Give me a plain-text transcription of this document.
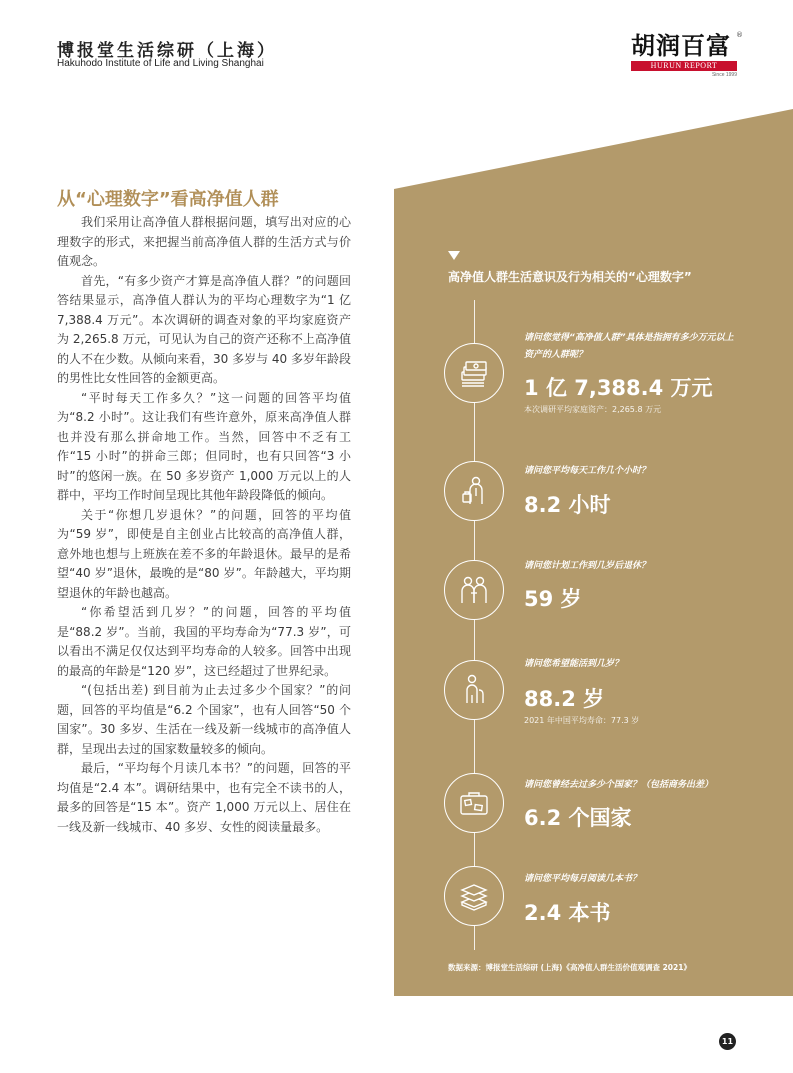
博报堂生活综研（上海）
Hakuhodo Institute of Life and Living Shanghai
胡润百富 ®
HURUN REPORT
Since 1999
从“心理数字”看高净值人群

我们采用让高净值人群根据问题，填写出对应的心理数字的形式，来把握当前高净值人群的生活方式与价值观念。

首先，“有多少资产才算是高净值人群？”的问题回答结果显示，高净值人群认为的平均心理数字为“1 亿 7,388.4 万元”。本次调研的调查对象的平均家庭资产为 2,265.8 万元，可见认为自己的资产还称不上高净值的人不在少数。从倾向来看，30 多岁与 40 多岁年龄段的男性比女性回答的金额更高。

“平时每天工作多久？”这一问题的回答平均值为“8.2 小时”。这让我们有些许意外，原来高净值人群也并没有那么拼命地工作。当然，回答中不乏有工作“15 小时”的拼命三郎；但同时，也有只回答“3 小时”的悠闲一族。在 50 多岁资产 1,000 万元以上的人群中，平均工作时间呈现比其他年龄段降低的倾向。

关于“你想几岁退休？”的问题，回答的平均值为“59 岁”，即使是自主创业占比较高的高净值人群，意外地也想与上班族在差不多的年龄退休。最早的是希望“40 岁”退休，最晚的是“80 岁”。年龄越大，平均期望退休的年龄也越高。

“你希望活到几岁？”的问题，回答的平均值是“88.2 岁”。当前，我国的平均寿命为“77.3 岁”，可以看出不满足仅仅达到平均寿命的人较多。回答中出现的最高的年龄是“120 岁”，这已经超过了世界纪录。

“(包括出差) 到目前为止去过多少个国家？”的问题，回答的平均值是“6.2 个国家”，也有人回答“50 个国家”。30 多岁、生活在一线及新一线城市的高净值人群，呈现出去过的国家数量较多的倾向。

最后，“平均每个月读几本书？”的问题，回答的平均值是“2.4 本”。调研结果中，也有完全不读书的人，最多的回答是“15 本”。资产 1,000 万元以上、居住在一线及新一线城市、40 多岁、女性的阅读量最多。

高净值人群生活意识及行为相关的“心理数字”
请问您觉得“高净值人群”具体是指拥有多少万元以上资产的人群呢？
1 亿 7,388.4 万元
本次调研平均家庭资产：2,265.8 万元
请问您平均每天工作几个小时？
8.2 小时
请问您计划工作到几岁后退休？
59 岁
请问您希望能活到几岁？
88.2 岁
2021 年中国平均寿命：77.3 岁
请问您曾经去过多少个国家？（包括商务出差）
6.2 个国家
请问您平均每月阅读几本书？
2.4 本书
数据来源：博报堂生活综研 (上海)《高净值人群生活价值观调查 2021》
11
